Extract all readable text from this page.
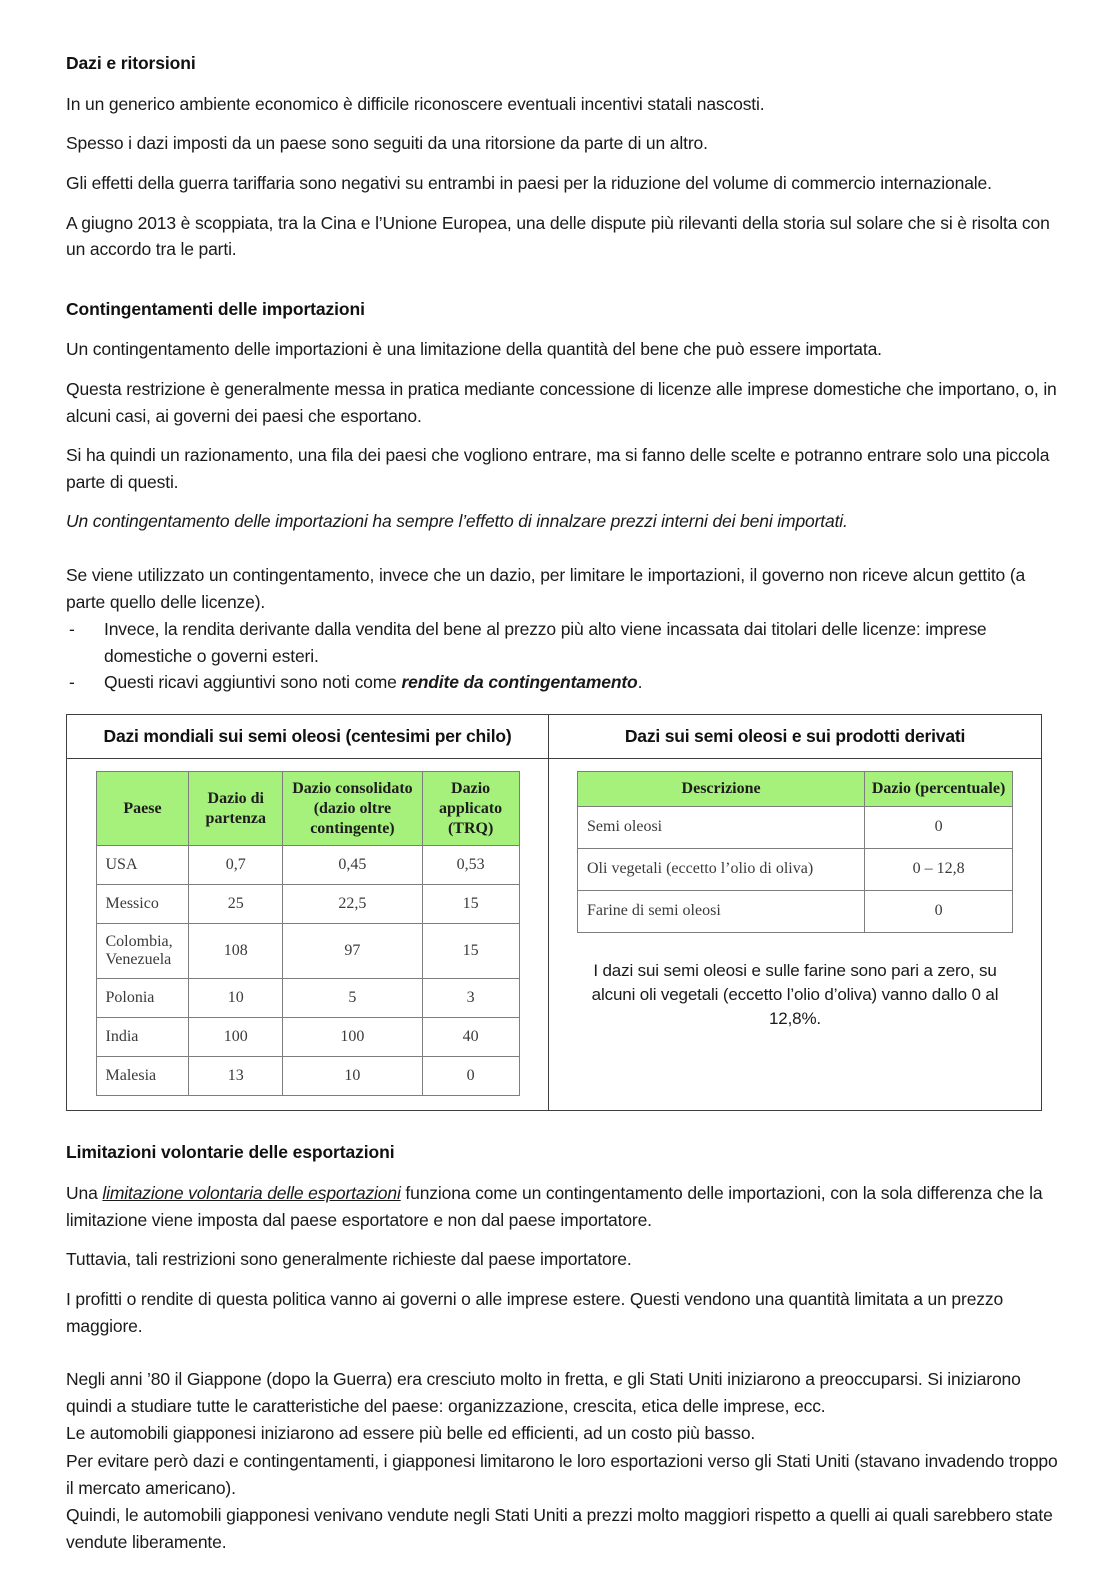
Dazi e ritorsioni

In un generico ambiente economico è difficile riconoscere eventuali incentivi statali nascosti.

Spesso i dazi imposti da un paese sono seguiti da una ritorsione da parte di un altro.

Gli effetti della guerra tariffaria sono negativi su entrambi in paesi per la riduzione del volume di commercio internazionale.

A giugno 2013 è scoppiata, tra la Cina e l’Unione Europea, una delle dispute più rilevanti della storia sul solare che si è risolta con un accordo tra le parti.

Contingentamenti delle importazioni

Un contingentamento delle importazioni è una limitazione della quantità del bene che può essere importata.

Questa restrizione è generalmente messa in pratica mediante concessione di licenze alle imprese domestiche che importano, o, in alcuni casi, ai governi dei paesi che esportano.

Si ha quindi un razionamento, una fila dei paesi che vogliono entrare, ma si fanno delle scelte e potranno entrare solo una piccola parte di questi.

Un contingentamento delle importazioni ha sempre l’effetto di innalzare prezzi interni dei beni importati.

Se viene utilizzato un contingentamento, invece che un dazio, per limitare le importazioni, il governo non riceve alcun gettito (a parte quello delle licenze).

- Invece, la rendita derivante dalla vendita del bene al prezzo più alto viene incassata dai titolari delle licenze: imprese domestiche o governi esteri.
- Questi ricavi aggiuntivi sono noti come rendite da contingentamento.
Dazi mondiali sui semi oleosi (centesimi per chilo)
Paese	Dazio di partenza	Dazio consolidato (dazio oltre contingente)	Dazio applicato (TRQ)
USA	0,7	0,45	0,53
Messico	25	22,5	15
Colombia, Venezuela	108	97	15
Polonia	10	5	3
India	100	100	40
Malesia	13	10	0
Dazi sui semi oleosi e sui prodotti derivati
Descrizione	Dazio (percentuale)
Semi oleosi	0
Oli vegetali (eccetto l’olio di oliva)	0 – 12,8
Farine di semi oleosi	0
I dazi sui semi oleosi e sulle farine sono pari a zero, su alcuni oli vegetali (eccetto l’olio d’oliva) vanno dallo 0 al 12,8%.
Limitazioni volontarie delle esportazioni

Una limitazione volontaria delle esportazioni funziona come un contingentamento delle importazioni, con la sola differenza che la limitazione viene imposta dal paese esportatore e non dal paese importatore.

Tuttavia, tali restrizioni sono generalmente richieste dal paese importatore.

I profitti o rendite di questa politica vanno ai governi o alle imprese estere. Questi vendono una quantità limitata a un prezzo maggiore.

Negli anni ’80 il Giappone (dopo la Guerra) era cresciuto molto in fretta, e gli Stati Uniti iniziarono a preoccuparsi. Si iniziarono quindi a studiare tutte le caratteristiche del paese: organizzazione, crescita, etica delle imprese, ecc.

Le automobili giapponesi iniziarono ad essere più belle ed efficienti, ad un costo più basso.

Per evitare però dazi e contingentamenti, i giapponesi limitarono le loro esportazioni verso gli Stati Uniti (stavano invadendo troppo il mercato americano).

Quindi, le automobili giapponesi venivano vendute negli Stati Uniti a prezzi molto maggiori rispetto a quelli ai quali sarebbero state vendute liberamente.
